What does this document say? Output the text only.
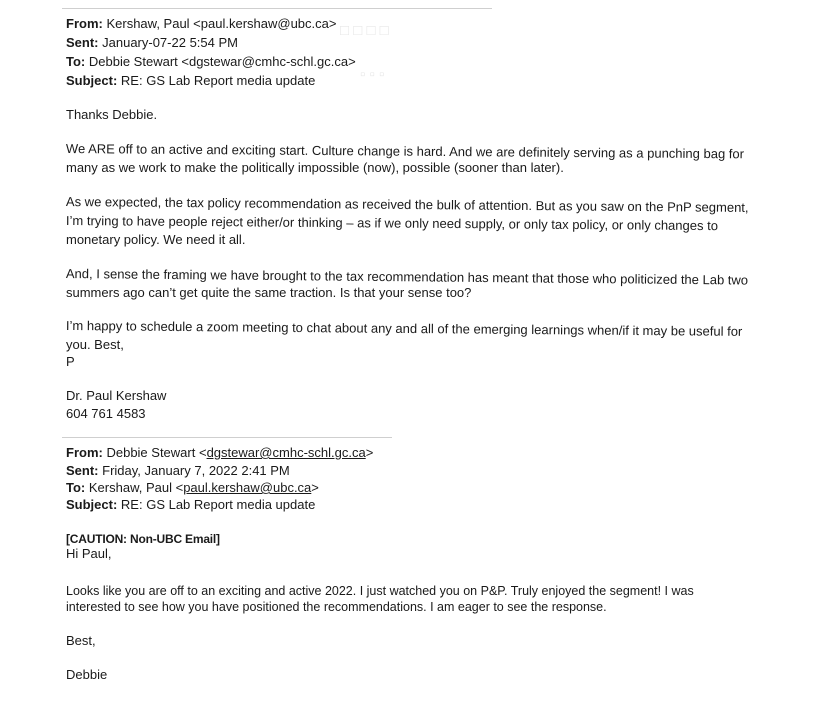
□ □ □ □
▫ ▫ ▫
From: Kershaw, Paul <paul.kershaw@ubc.ca>
Sent: January-07-22 5:54 PM
To: Debbie Stewart <dgstewar@cmhc-schl.gc.ca>
Subject: RE: GS Lab Report media update
Thanks Debbie.
We ARE off to an active and exciting start. Culture change is hard. And we are definitely serving as a punching bag for
many as we work to make the politically impossible (now), possible (sooner than later).
As we expected, the tax policy recommendation as received the bulk of attention. But as you saw on the PnP segment,
I’m trying to have people reject either/or thinking – as if we only need supply, or only tax policy, or only changes to
monetary policy. We need it all.
And, I sense the framing we have brought to the tax recommendation has meant that those who politicized the Lab two
summers ago can’t get quite the same traction. Is that your sense too?
I’m happy to schedule a zoom meeting to chat about any and all of the emerging learnings when/if it may be useful for
you. Best,
P
Dr. Paul Kershaw
604 761 4583
From: Debbie Stewart <dgstewar@cmhc-schl.gc.ca>
Sent: Friday, January 7, 2022 2:41 PM
To: Kershaw, Paul <paul.kershaw@ubc.ca>
Subject: RE: GS Lab Report media update
[CAUTION: Non-UBC Email]
Hi Paul,
Looks like you are off to an exciting and active 2022. I just watched you on P&P. Truly enjoyed the segment! I was
interested to see how you have positioned the recommendations. I am eager to see the response.
Best,
Debbie
